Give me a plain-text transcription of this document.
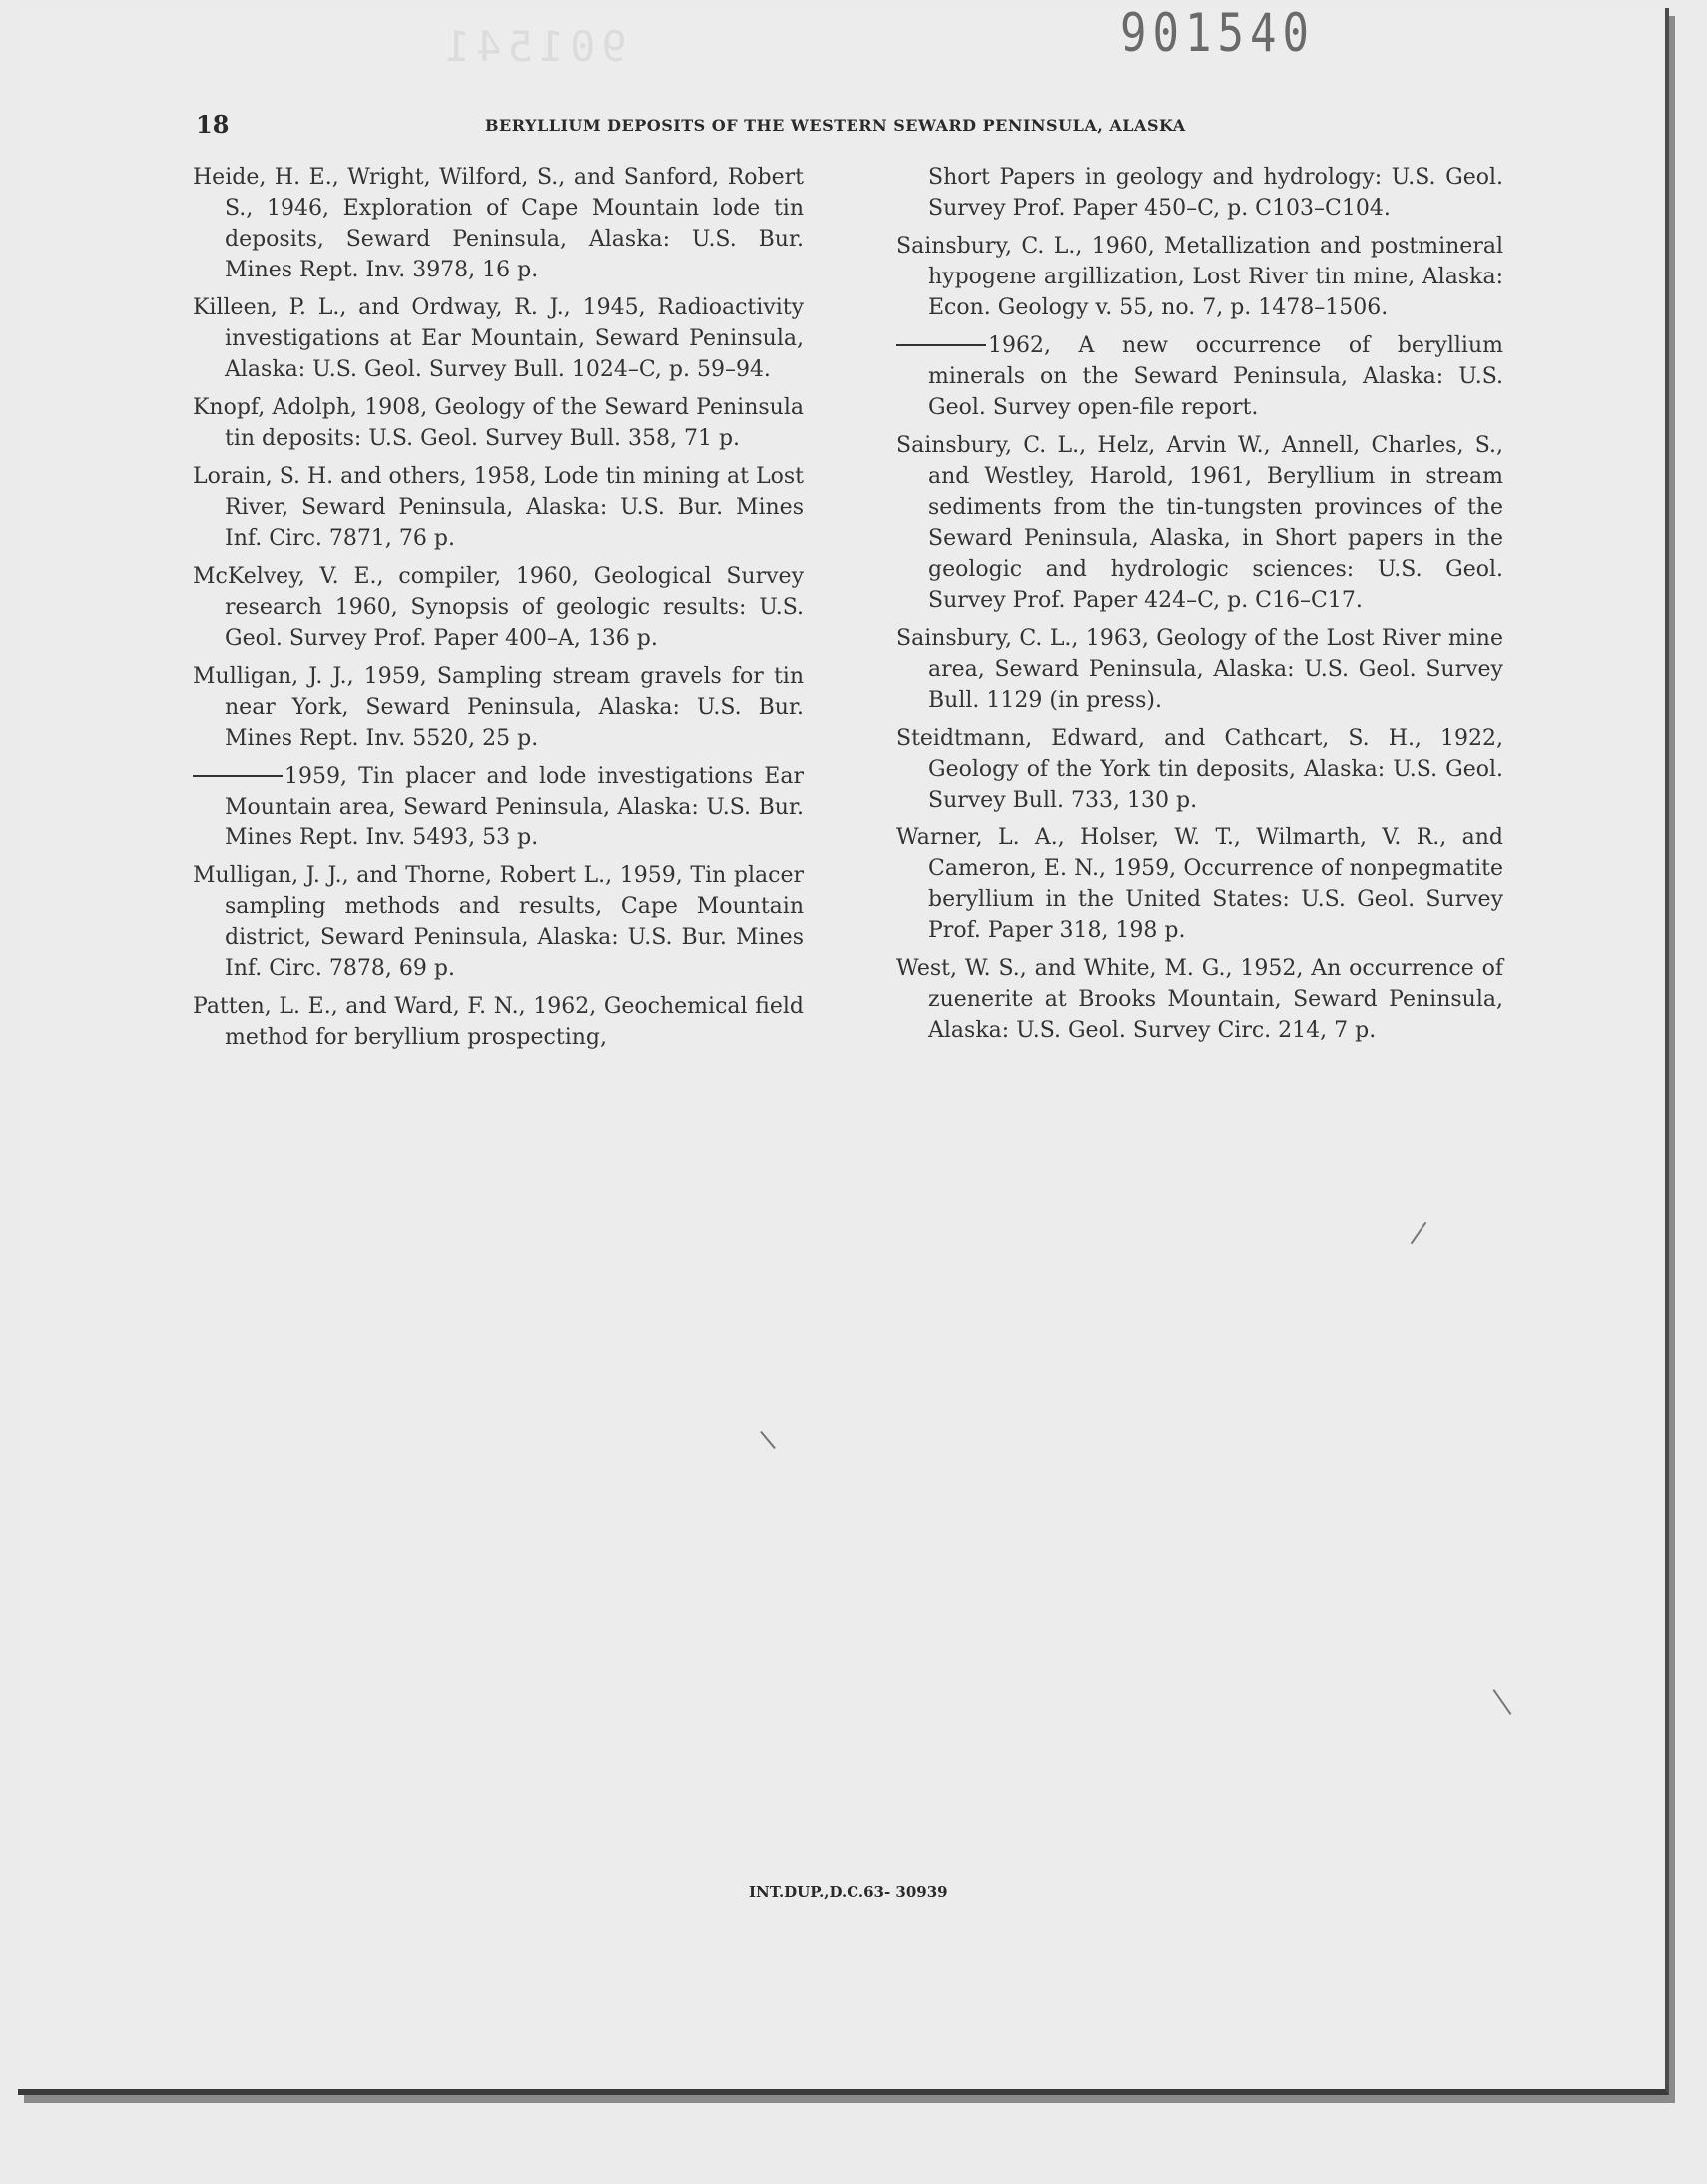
901541	901540
18	BERYLLIUM DEPOSITS OF THE WESTERN SEWARD PENINSULA, ALASKA

Heide, H. E., Wright, Wilford, S., and Sanford, Robert S., 1946, Exploration of Cape Mountain lode tin deposits, Seward Peninsula, Alaska: U.S. Bur. Mines Rept. Inv. 3978, 16 p.

Killeen, P. L., and Ordway, R. J., 1945, Radioactivity investigations at Ear Mountain, Seward Peninsula, Alaska: U.S. Geol. Survey Bull. 1024–C, p. 59–94.

Knopf, Adolph, 1908, Geology of the Seward Peninsula tin deposits: U.S. Geol. Survey Bull. 358, 71 p.

Lorain, S. H. and others, 1958, Lode tin mining at Lost River, Seward Peninsula, Alaska: U.S. Bur. Mines Inf. Circ. 7871, 76 p.

McKelvey, V. E., compiler, 1960, Geological Survey research 1960, Synopsis of geologic results: U.S. Geol. Survey Prof. Paper 400–A, 136 p.

Mulligan, J. J., 1959, Sampling stream gravels for tin near York, Seward Peninsula, Alaska: U.S. Bur. Mines Rept. Inv. 5520, 25 p.

1959, Tin placer and lode investigations Ear Mountain area, Seward Peninsula, Alaska: U.S. Bur. Mines Rept. Inv. 5493, 53 p.

Mulligan, J. J., and Thorne, Robert L., 1959, Tin placer sampling methods and results, Cape Mountain district, Seward Peninsula, Alaska: U.S. Bur. Mines Inf. Circ. 7878, 69 p.

Patten, L. E., and Ward, F. N., 1962, Geochemical field method for beryllium prospecting,

Short Papers in geology and hydrology: U.S. Geol. Survey Prof. Paper 450–C, p. C103–C104.

Sainsbury, C. L., 1960, Metallization and postmineral hypogene argillization, Lost River tin mine, Alaska: Econ. Geology v. 55, no. 7, p. 1478–1506.

1962, A new occurrence of beryllium minerals on the Seward Peninsula, Alaska: U.S. Geol. Survey open-file report.

Sainsbury, C. L., Helz, Arvin W., Annell, Charles, S., and Westley, Harold, 1961, Beryllium in stream sediments from the tin-tungsten provinces of the Seward Peninsula, Alaska, in Short papers in the geologic and hydrologic sciences: U.S. Geol. Survey Prof. Paper 424–C, p. C16–C17.

Sainsbury, C. L., 1963, Geology of the Lost River mine area, Seward Peninsula, Alaska: U.S. Geol. Survey Bull. 1129 (in press).

Steidtmann, Edward, and Cathcart, S. H., 1922, Geology of the York tin deposits, Alaska: U.S. Geol. Survey Bull. 733, 130 p.

Warner, L. A., Holser, W. T., Wilmarth, V. R., and Cameron, E. N., 1959, Occurrence of nonpegmatite beryllium in the United States: U.S. Geol. Survey Prof. Paper 318, 198 p.

West, W. S., and White, M. G., 1952, An occurrence of zuenerite at Brooks Mountain, Seward Peninsula, Alaska: U.S. Geol. Survey Circ. 214, 7 p.

INT.DUP.,D.C.63- 30939
